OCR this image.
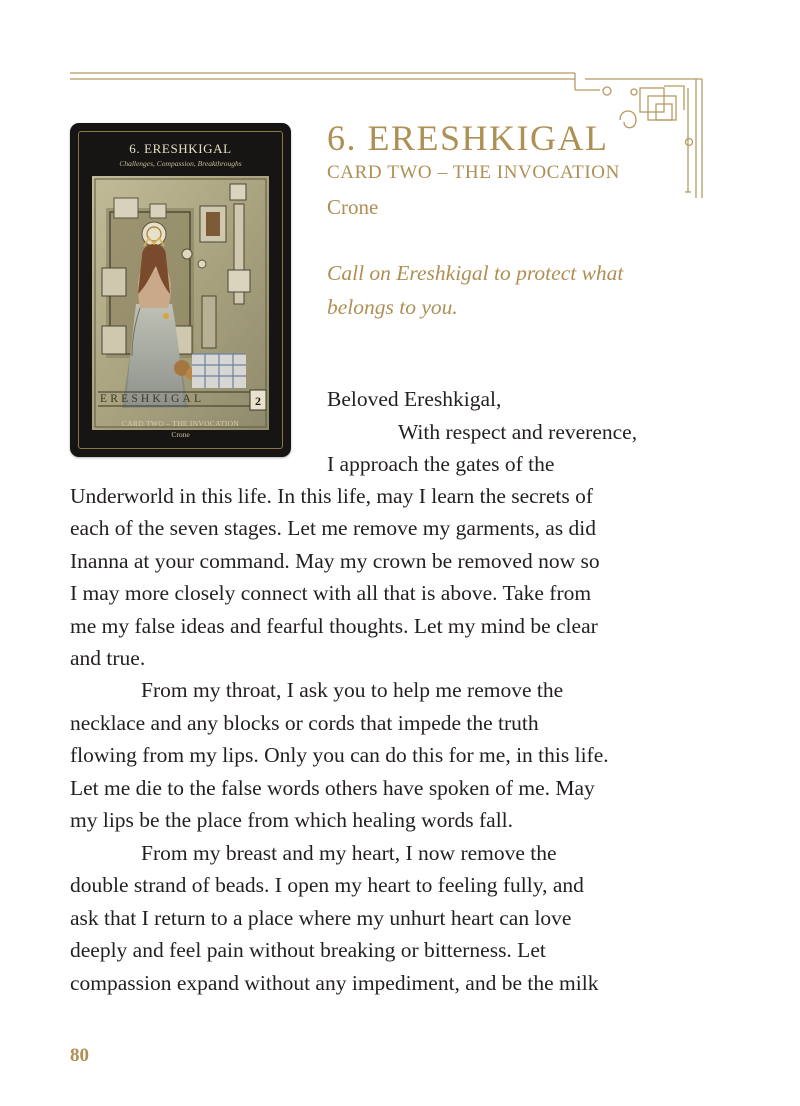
6. ERESHKIGAL
Challenges, Compassion, Breakthroughs
ERESHKIGAL	2
CARD TWO – THE INVOCATION
Crone
6. ERESHKIGAL
CARD TWO – THE INVOCATION
Crone
Call on Ereshkigal to protect what belongs to you.
Beloved Ereshkigal,
With respect and reverence,
I approach the gates of the
Underworld in this life. In this life, may I learn the secrets of
each of the seven stages. Let me remove my garments, as did
Inanna at your command. May my crown be removed now so
I may more closely connect with all that is above. Take from
me my false ideas and fearful thoughts. Let my mind be clear
and true.
From my throat, I ask you to help me remove the
necklace and any blocks or cords that impede the truth
flowing from my lips. Only you can do this for me, in this life.
Let me die to the false words others have spoken of me. May
my lips be the place from which healing words fall.
From my breast and my heart, I now remove the
double strand of beads. I open my heart to feeling fully, and
ask that I return to a place where my unhurt heart can love
deeply and feel pain without breaking or bitterness. Let
compassion expand without any impediment, and be the milk
80
